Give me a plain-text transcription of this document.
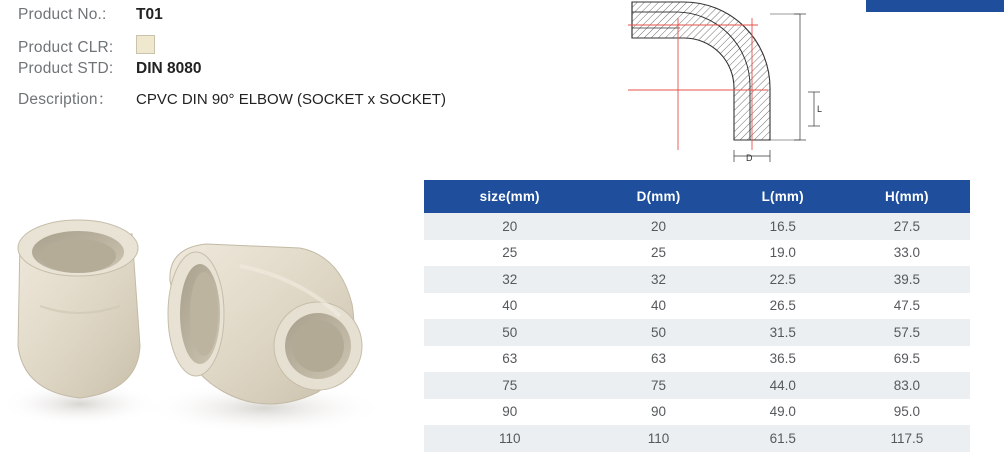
Product No.:	T01
Product CLR:
Product STD:	DIN 8080
Description：	CPVC DIN 90° ELBOW (SOCKET x SOCKET)
L
D
size(mm)	D(mm)	L(mm)	H(mm)
20	20	16.5	27.5
25	25	19.0	33.0
32	32	22.5	39.5
40	40	26.5	47.5
50	50	31.5	57.5
63	63	36.5	69.5
75	75	44.0	83.0
90	90	49.0	95.0
110	110	61.5	117.5
